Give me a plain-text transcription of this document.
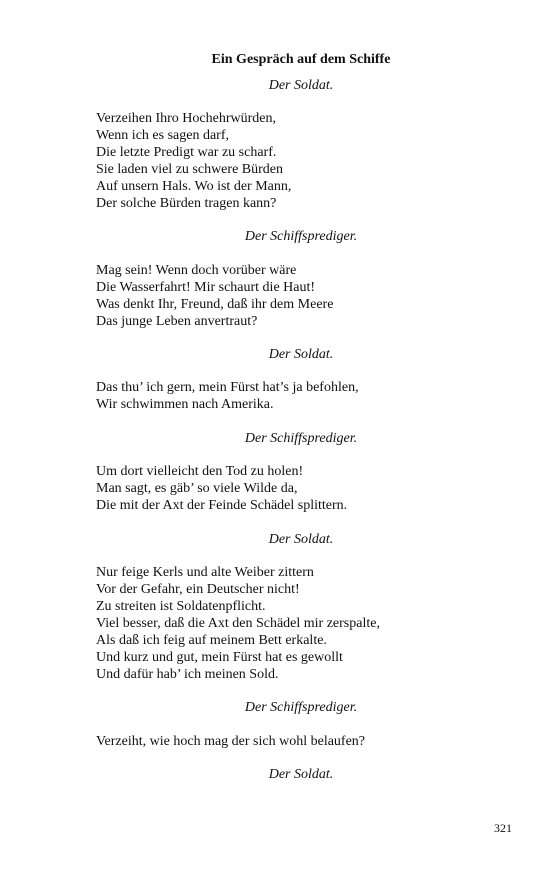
Ein Gespräch auf dem Schiffe
Der Soldat.
Verzeihen Ihro Hochehrwürden,
Wenn ich es sagen darf,
Die letzte Predigt war zu scharf.
Sie laden viel zu schwere Bürden
Auf unsern Hals. Wo ist der Mann,
Der solche Bürden tragen kann?
Der Schiffsprediger.
Mag sein! Wenn doch vorüber wäre
Die Wasserfahrt! Mir schaurt die Haut!
Was denkt Ihr, Freund, daß ihr dem Meere
Das junge Leben anvertraut?
Der Soldat.
Das thu’ ich gern, mein Fürst hat’s ja befohlen,
Wir schwimmen nach Amerika.
Der Schiffsprediger.
Um dort vielleicht den Tod zu holen!
Man sagt, es gäb’ so viele Wilde da,
Die mit der Axt der Feinde Schädel splittern.
Der Soldat.
Nur feige Kerls und alte Weiber zittern
Vor der Gefahr, ein Deutscher nicht!
Zu streiten ist Soldatenpflicht.
Viel besser, daß die Axt den Schädel mir zerspalte,
Als daß ich feig auf meinem Bett erkalte.
Und kurz und gut, mein Fürst hat es gewollt
Und dafür hab’ ich meinen Sold.
Der Schiffsprediger.
Verzeiht, wie hoch mag der sich wohl belaufen?
Der Soldat.
321
